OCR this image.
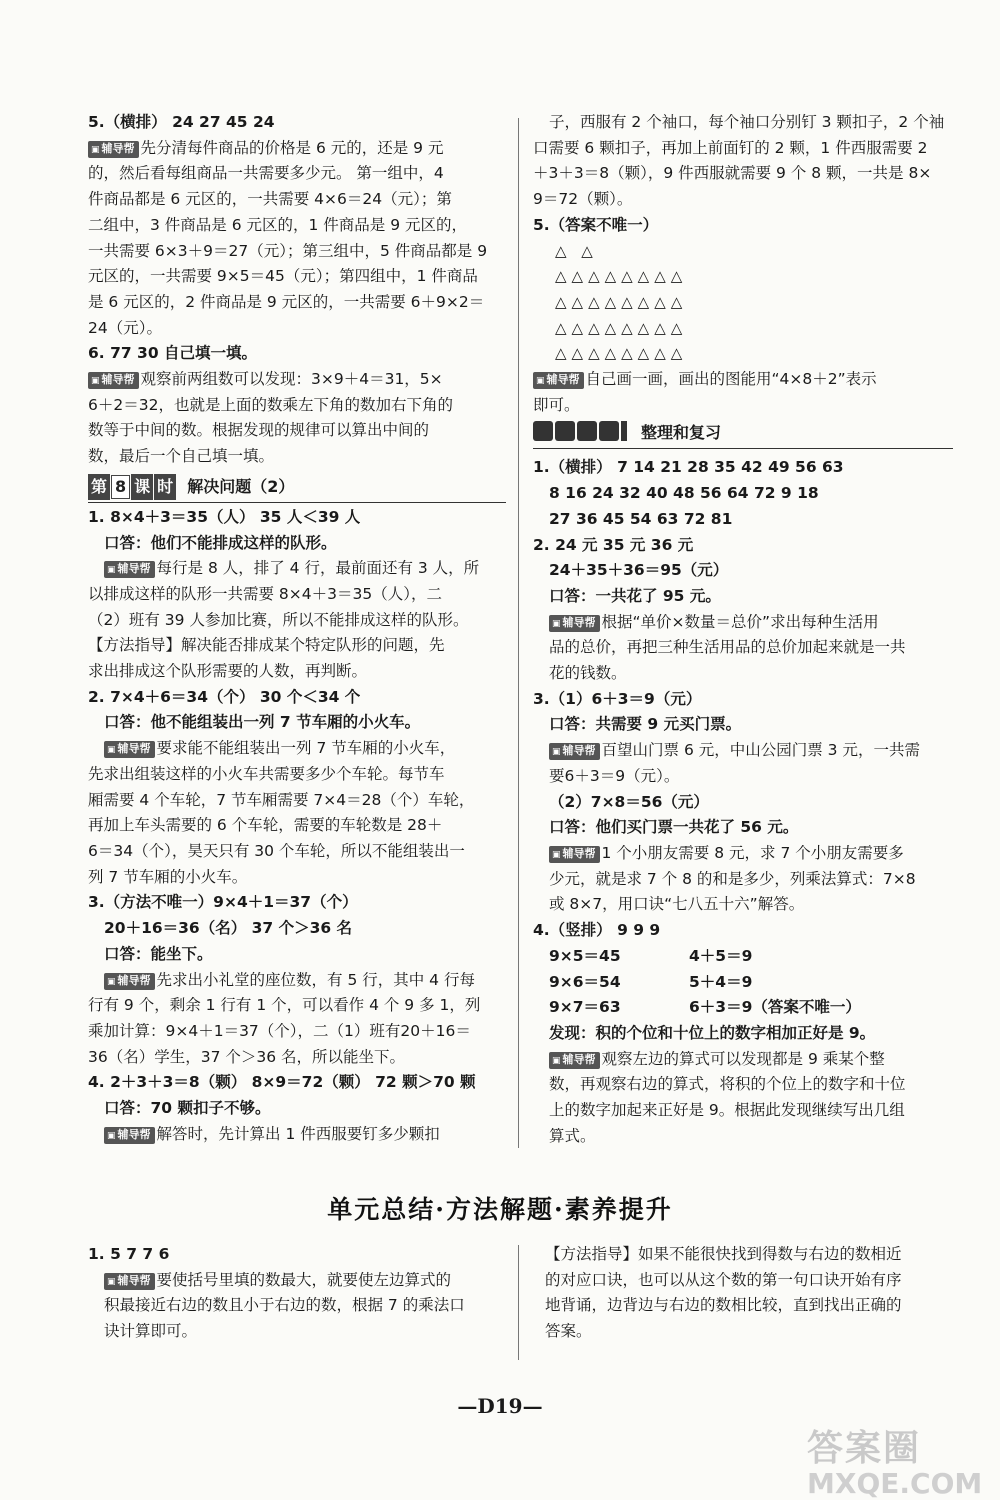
5.（横排） 24 27 45 24
▣ 辅导帮 先分清每件商品的价格是 6 元的，还是 9 元
的，然后看每组商品一共需要多少元。 第一组中，4
件商品都是 6 元区的，一共需要 4×6＝24（元）；第
二组中，3 件商品是 6 元区的，1 件商品是 9 元区的，
一共需要 6×3＋9＝27（元）；第三组中，5 件商品都是 9
元区的，一共需要 9×5＝45（元）；第四组中，1 件商品
是 6 元区的，2 件商品是 9 元区的，一共需要 6＋9×2＝
24（元）。
6. 77 30 自己填一填。
▣ 辅导帮 观察前两组数可以发现：3×9＋4＝31，5×
6＋2＝32，也就是上面的数乘左下角的数加右下角的
数等于中间的数。根据发现的规律可以算出中间的
数，最后一个自己填一填。
第 8 课 时 解决问题（2）
1. 8×4＋3＝35（人） 35 人＜39 人
口答：他们不能排成这样的队形。
▣ 辅导帮 每行是 8 人，排了 4 行，最前面还有 3 人，所
以排成这样的队形一共需要 8×4＋3＝35（人），二
（2）班有 39 人参加比赛，所以不能排成这样的队形。
【方法指导】解决能否排成某个特定队形的问题，先
求出排成这个队形需要的人数，再判断。
2. 7×4＋6＝34（个） 30 个＜34 个
口答：他不能组装出一列 7 节车厢的小火车。
▣ 辅导帮 要求能不能组装出一列 7 节车厢的小火车，
先求出组装这样的小火车共需要多少个车轮。每节车
厢需要 4 个车轮，7 节车厢需要 7×4＝28（个）车轮，
再加上车头需要的 6 个车轮，需要的车轮数是 28＋
6＝34（个），昊天只有 30 个车轮，所以不能组装出一
列 7 节车厢的小火车。
3.（方法不唯一）9×4＋1＝37（个）
20＋16＝36（名） 37 个＞36 名
口答：能坐下。
▣ 辅导帮 先求出小礼堂的座位数，有 5 行，其中 4 行每
行有 9 个，剩余 1 行有 1 个，可以看作 4 个 9 多 1，列
乘加计算：9×4＋1＝37（个），二（1）班有20＋16＝
36（名）学生，37 个＞36 名，所以能坐下。
4. 2＋3＋3＝8（颗） 8×9＝72（颗） 72 颗＞70 颗
口答：70 颗扣子不够。
▣ 辅导帮 解答时，先计算出 1 件西服要钉多少颗扣
子，西服有 2 个袖口，每个袖口分别钉 3 颗扣子，2 个袖
口需要 6 颗扣子，再加上前面钉的 2 颗，1 件西服需要 2
＋3＋3＝8（颗），9 件西服就需要 9 个 8 颗，一共是 8×
9＝72（颗）。
5.（答案不唯一）
△ △
△△△△△△△△
△△△△△△△△
△△△△△△△△
△△△△△△△△
▣ 辅导帮 自己画一画，画出的图能用“4×8＋2”表示
即可。
整理和复习
1.（横排） 7 14 21 28 35 42 49 56 63
8 16 24 32 40 48 56 64 72 9 18
27 36 45 54 63 72 81
2. 24 元 35 元 36 元
24＋35＋36＝95（元）
口答：一共花了 95 元。
▣ 辅导帮 根据“单价×数量＝总价”求出每种生活用
品的总价，再把三种生活用品的总价加起来就是一共
花的钱数。
3.（1）6＋3＝9（元）
口答：共需要 9 元买门票。
▣ 辅导帮 百望山门票 6 元，中山公园门票 3 元，一共需
要6＋3＝9（元）。
（2）7×8＝56（元）
口答：他们买门票一共花了 56 元。
▣ 辅导帮 1 个小朋友需要 8 元，求 7 个小朋友需要多
少元，就是求 7 个 8 的和是多少，列乘法算式：7×8
或 8×7，用口诀“七八五十六”解答。
4.（竖排） 9 9 9
9×5＝45	4＋5＝9
9×6＝54	5＋4＝9
9×7＝63	6＋3＝9（答案不唯一）
发现：积的个位和十位上的数字相加正好是 9。
▣ 辅导帮 观察左边的算式可以发现都是 9 乘某个整
数，再观察右边的算式，将积的个位上的数字和十位
上的数字加起来正好是 9。根据此发现继续写出几组
算式。
单元总结·方法解题·素养提升
1. 5 7 7 6
▣ 辅导帮 要使括号里填的数最大，就要使左边算式的
积最接近右边的数且小于右边的数，根据 7 的乘法口
诀计算即可。
【方法指导】如果不能很快找到得数与右边的数相近
的对应口诀，也可以从这个数的第一句口诀开始有序
地背诵，边背边与右边的数相比较，直到找出正确的
答案。
—D19—
答案圈
MXQE.COM
